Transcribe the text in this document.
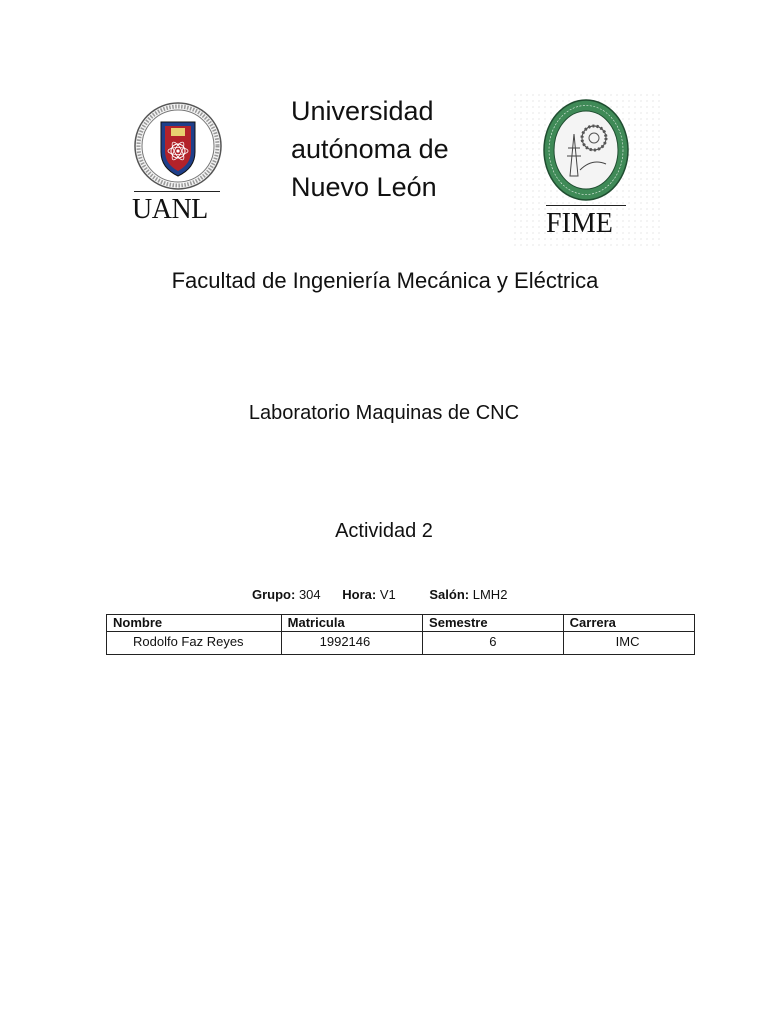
UANL
Universidad
autónoma de
Nuevo León
FIME
Facultad de Ingeniería Mecánica y Eléctrica
Laboratorio Maquinas de CNC
Actividad 2
Grupo: 304 Hora: V1	Salón: LMH2
Nombre	Matricula	Semestre	Carrera
Rodolfo Faz Reyes	1992146	6	IMC
